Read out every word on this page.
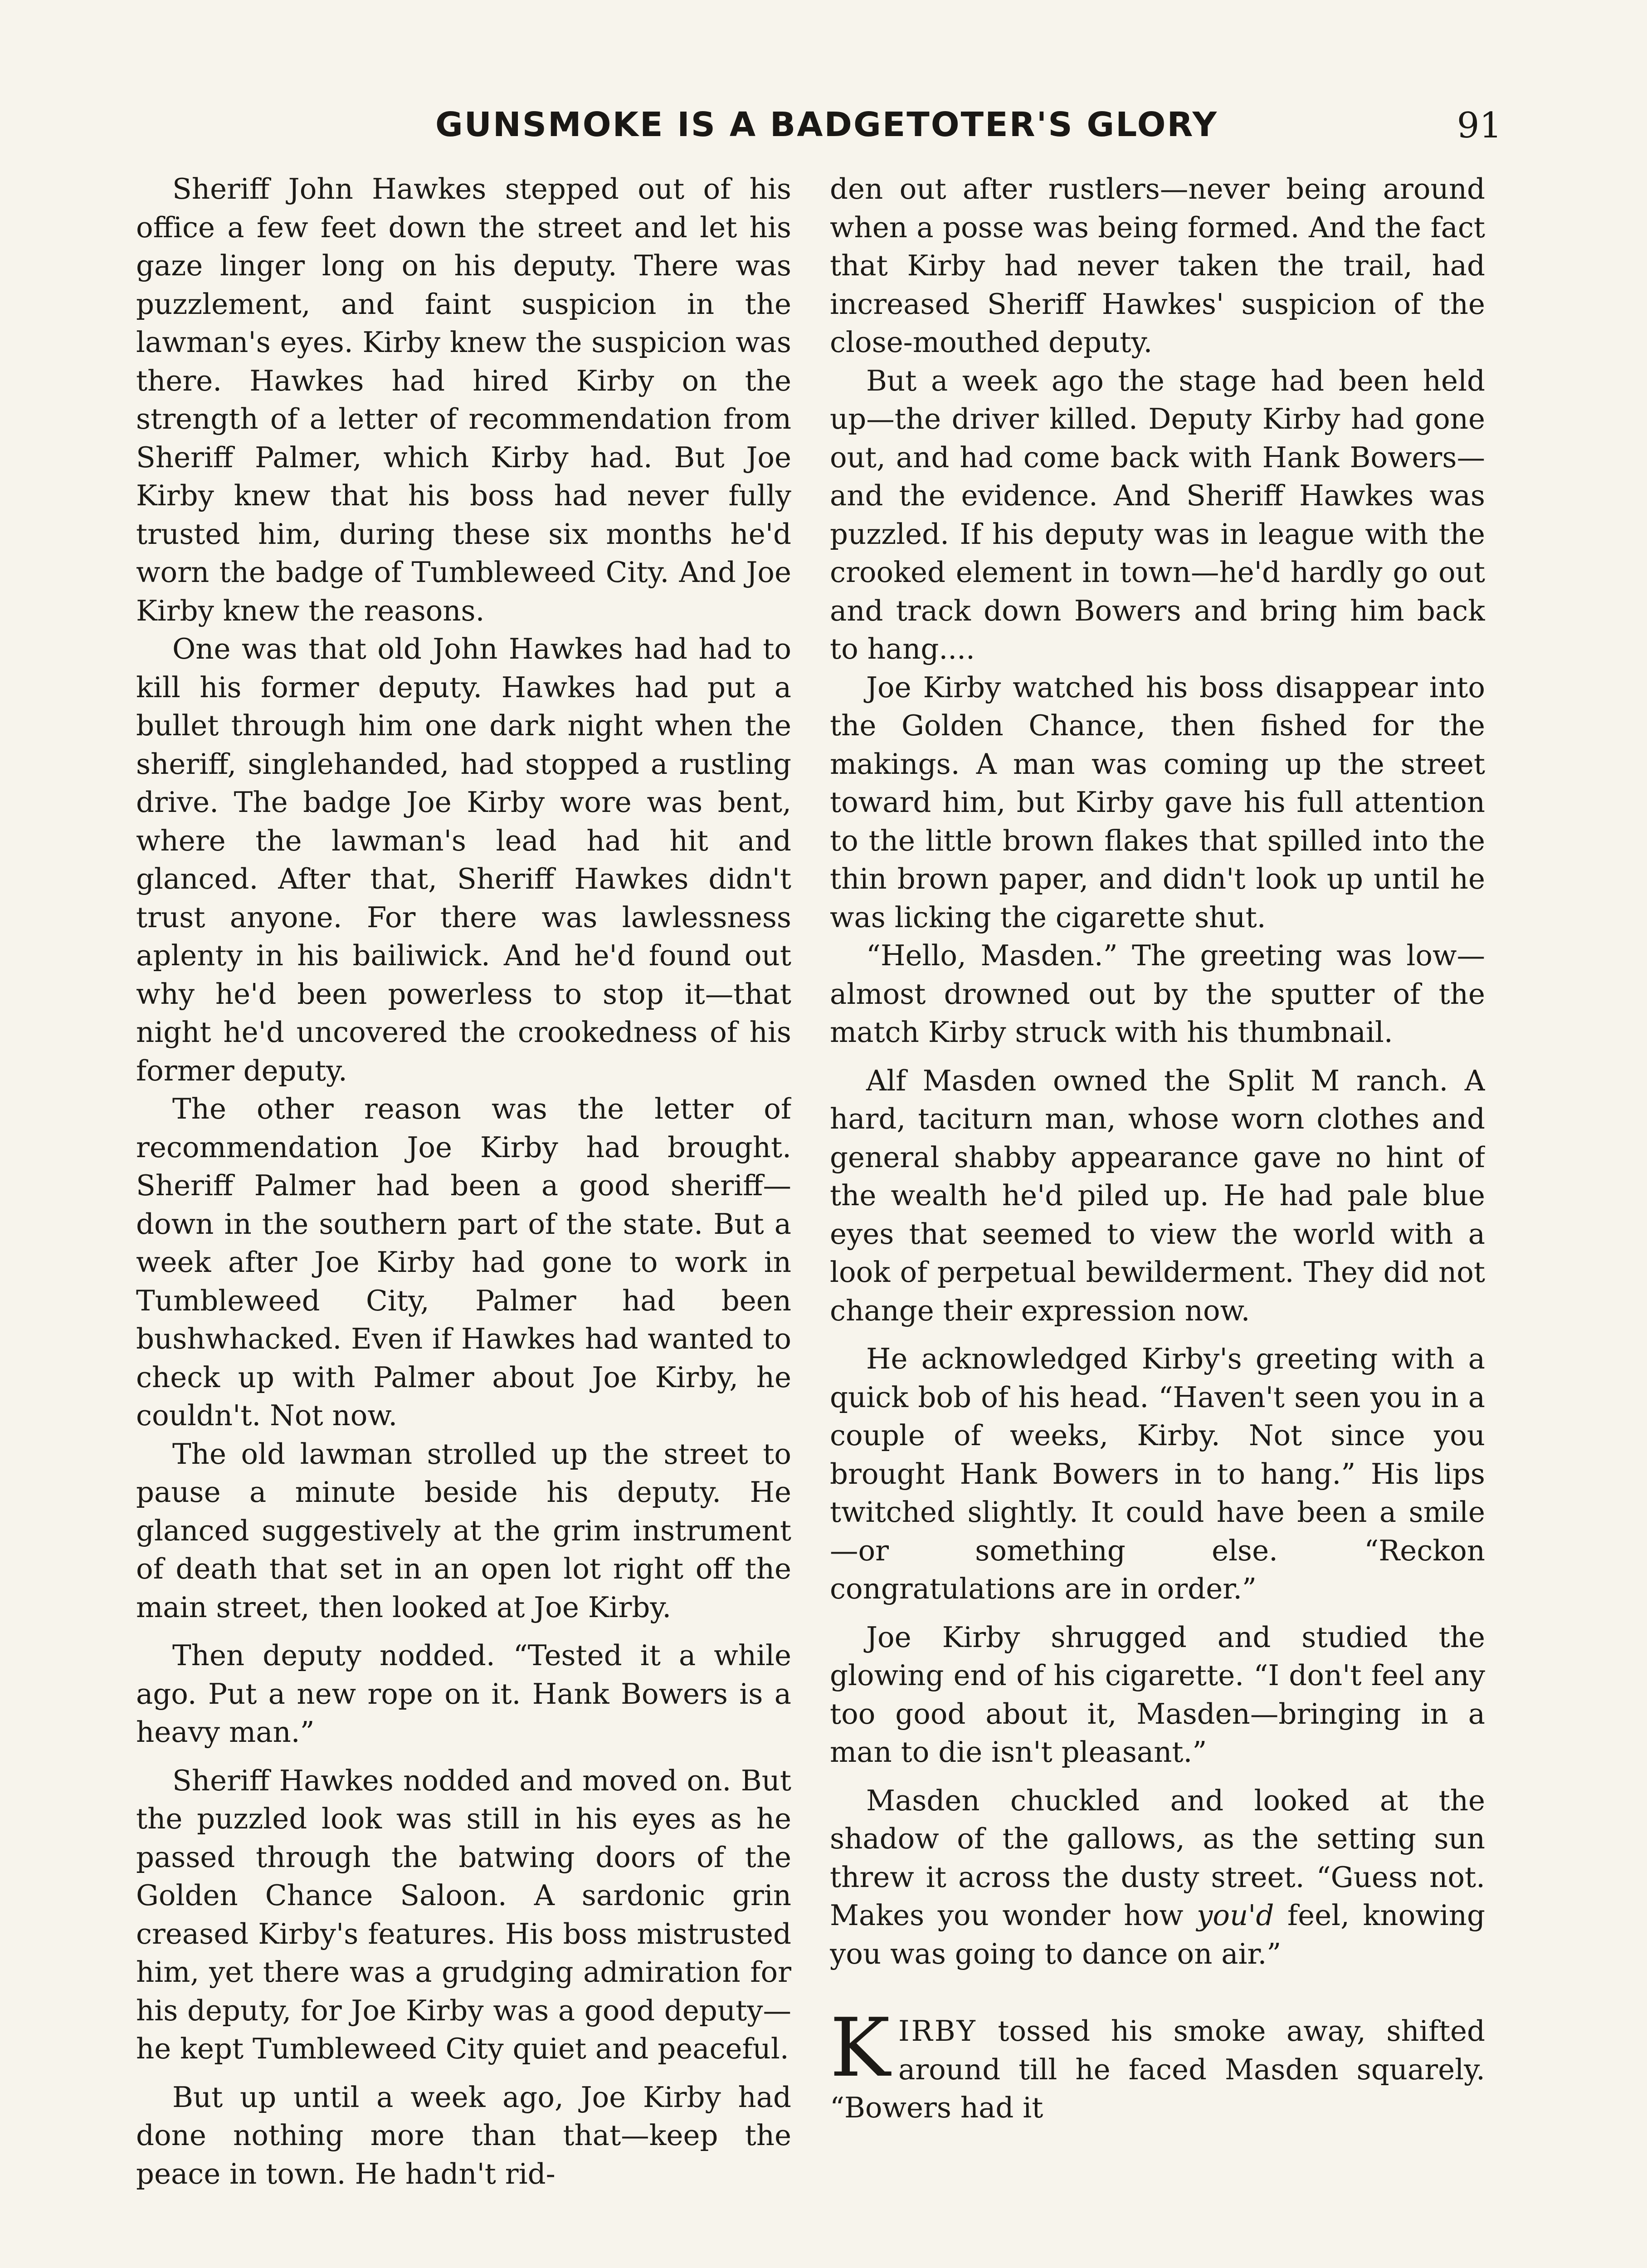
GUNSMOKE IS A BADGETOTER'S GLORY	91

Sheriff John Hawkes stepped out of his office a few feet down the street and let his gaze linger long on his deputy. There was puzzlement, and faint suspicion in the lawman's eyes. Kirby knew the suspicion was there. Hawkes had hired Kirby on the strength of a letter of recommendation from Sheriff Palmer, which Kirby had. But Joe Kirby knew that his boss had never fully trusted him, during these six months he'd worn the badge of Tumbleweed City. And Joe Kirby knew the reasons.

One was that old John Hawkes had had to kill his former deputy. Hawkes had put a bullet through him one dark night when the sheriff, singlehanded, had stopped a rustling drive. The badge Joe Kirby wore was bent, where the lawman's lead had hit and glanced. After that, Sheriff Hawkes didn't trust anyone. For there was lawlessness aplenty in his bailiwick. And he'd found out why he'd been powerless to stop it—that night he'd uncovered the crookedness of his former deputy.

The other reason was the letter of recommendation Joe Kirby had brought. Sheriff Palmer had been a good sheriff—down in the southern part of the state. But a week after Joe Kirby had gone to work in Tumbleweed City, Palmer had been bushwhacked. Even if Hawkes had wanted to check up with Palmer about Joe Kirby, he couldn't. Not now.

The old lawman strolled up the street to pause a minute beside his deputy. He glanced suggestively at the grim instrument of death that set in an open lot right off the main street, then looked at Joe Kirby.

Then deputy nodded. “Tested it a while ago. Put a new rope on it. Hank Bowers is a heavy man.”

Sheriff Hawkes nodded and moved on. But the puzzled look was still in his eyes as he passed through the batwing doors of the Golden Chance Saloon. A sardonic grin creased Kirby's features. His boss mistrusted him, yet there was a grudging admiration for his deputy, for Joe Kirby was a good deputy—he kept Tumbleweed City quiet and peaceful.

But up until a week ago, Joe Kirby had done nothing more than that—keep the peace in town. He hadn't rid-

den out after rustlers—never being around when a posse was being formed. And the fact that Kirby had never taken the trail, had increased Sheriff Hawkes' suspicion of the close-mouthed deputy.

But a week ago the stage had been held up—the driver killed. Deputy Kirby had gone out, and had come back with Hank Bowers—and the evidence. And Sheriff Hawkes was puzzled. If his deputy was in league with the crooked element in town—he'd hardly go out and track down Bowers and bring him back to hang....

Joe Kirby watched his boss disappear into the Golden Chance, then fished for the makings. A man was coming up the street toward him, but Kirby gave his full attention to the little brown flakes that spilled into the thin brown paper, and didn't look up until he was licking the cigarette shut.

“Hello, Masden.” The greeting was low—almost drowned out by the sputter of the match Kirby struck with his thumbnail.

Alf Masden owned the Split M ranch. A hard, taciturn man, whose worn clothes and general shabby appearance gave no hint of the wealth he'd piled up. He had pale blue eyes that seemed to view the world with a look of perpetual bewilderment. They did not change their expression now.

He acknowledged Kirby's greeting with a quick bob of his head. “Haven't seen you in a couple of weeks, Kirby. Not since you brought Hank Bowers in to hang.” His lips twitched slightly. It could have been a smile—or something else. “Reckon congratulations are in order.”

Joe Kirby shrugged and studied the glowing end of his cigarette. “I don't feel any too good about it, Masden—bringing in a man to die isn't pleasant.”

Masden chuckled and looked at the shadow of the gallows, as the setting sun threw it across the dusty street. “Guess not. Makes you wonder how you'd feel, knowing you was going to dance on air.”

KIRBY tossed his smoke away, shifted around till he faced Masden squarely. “Bowers had it
